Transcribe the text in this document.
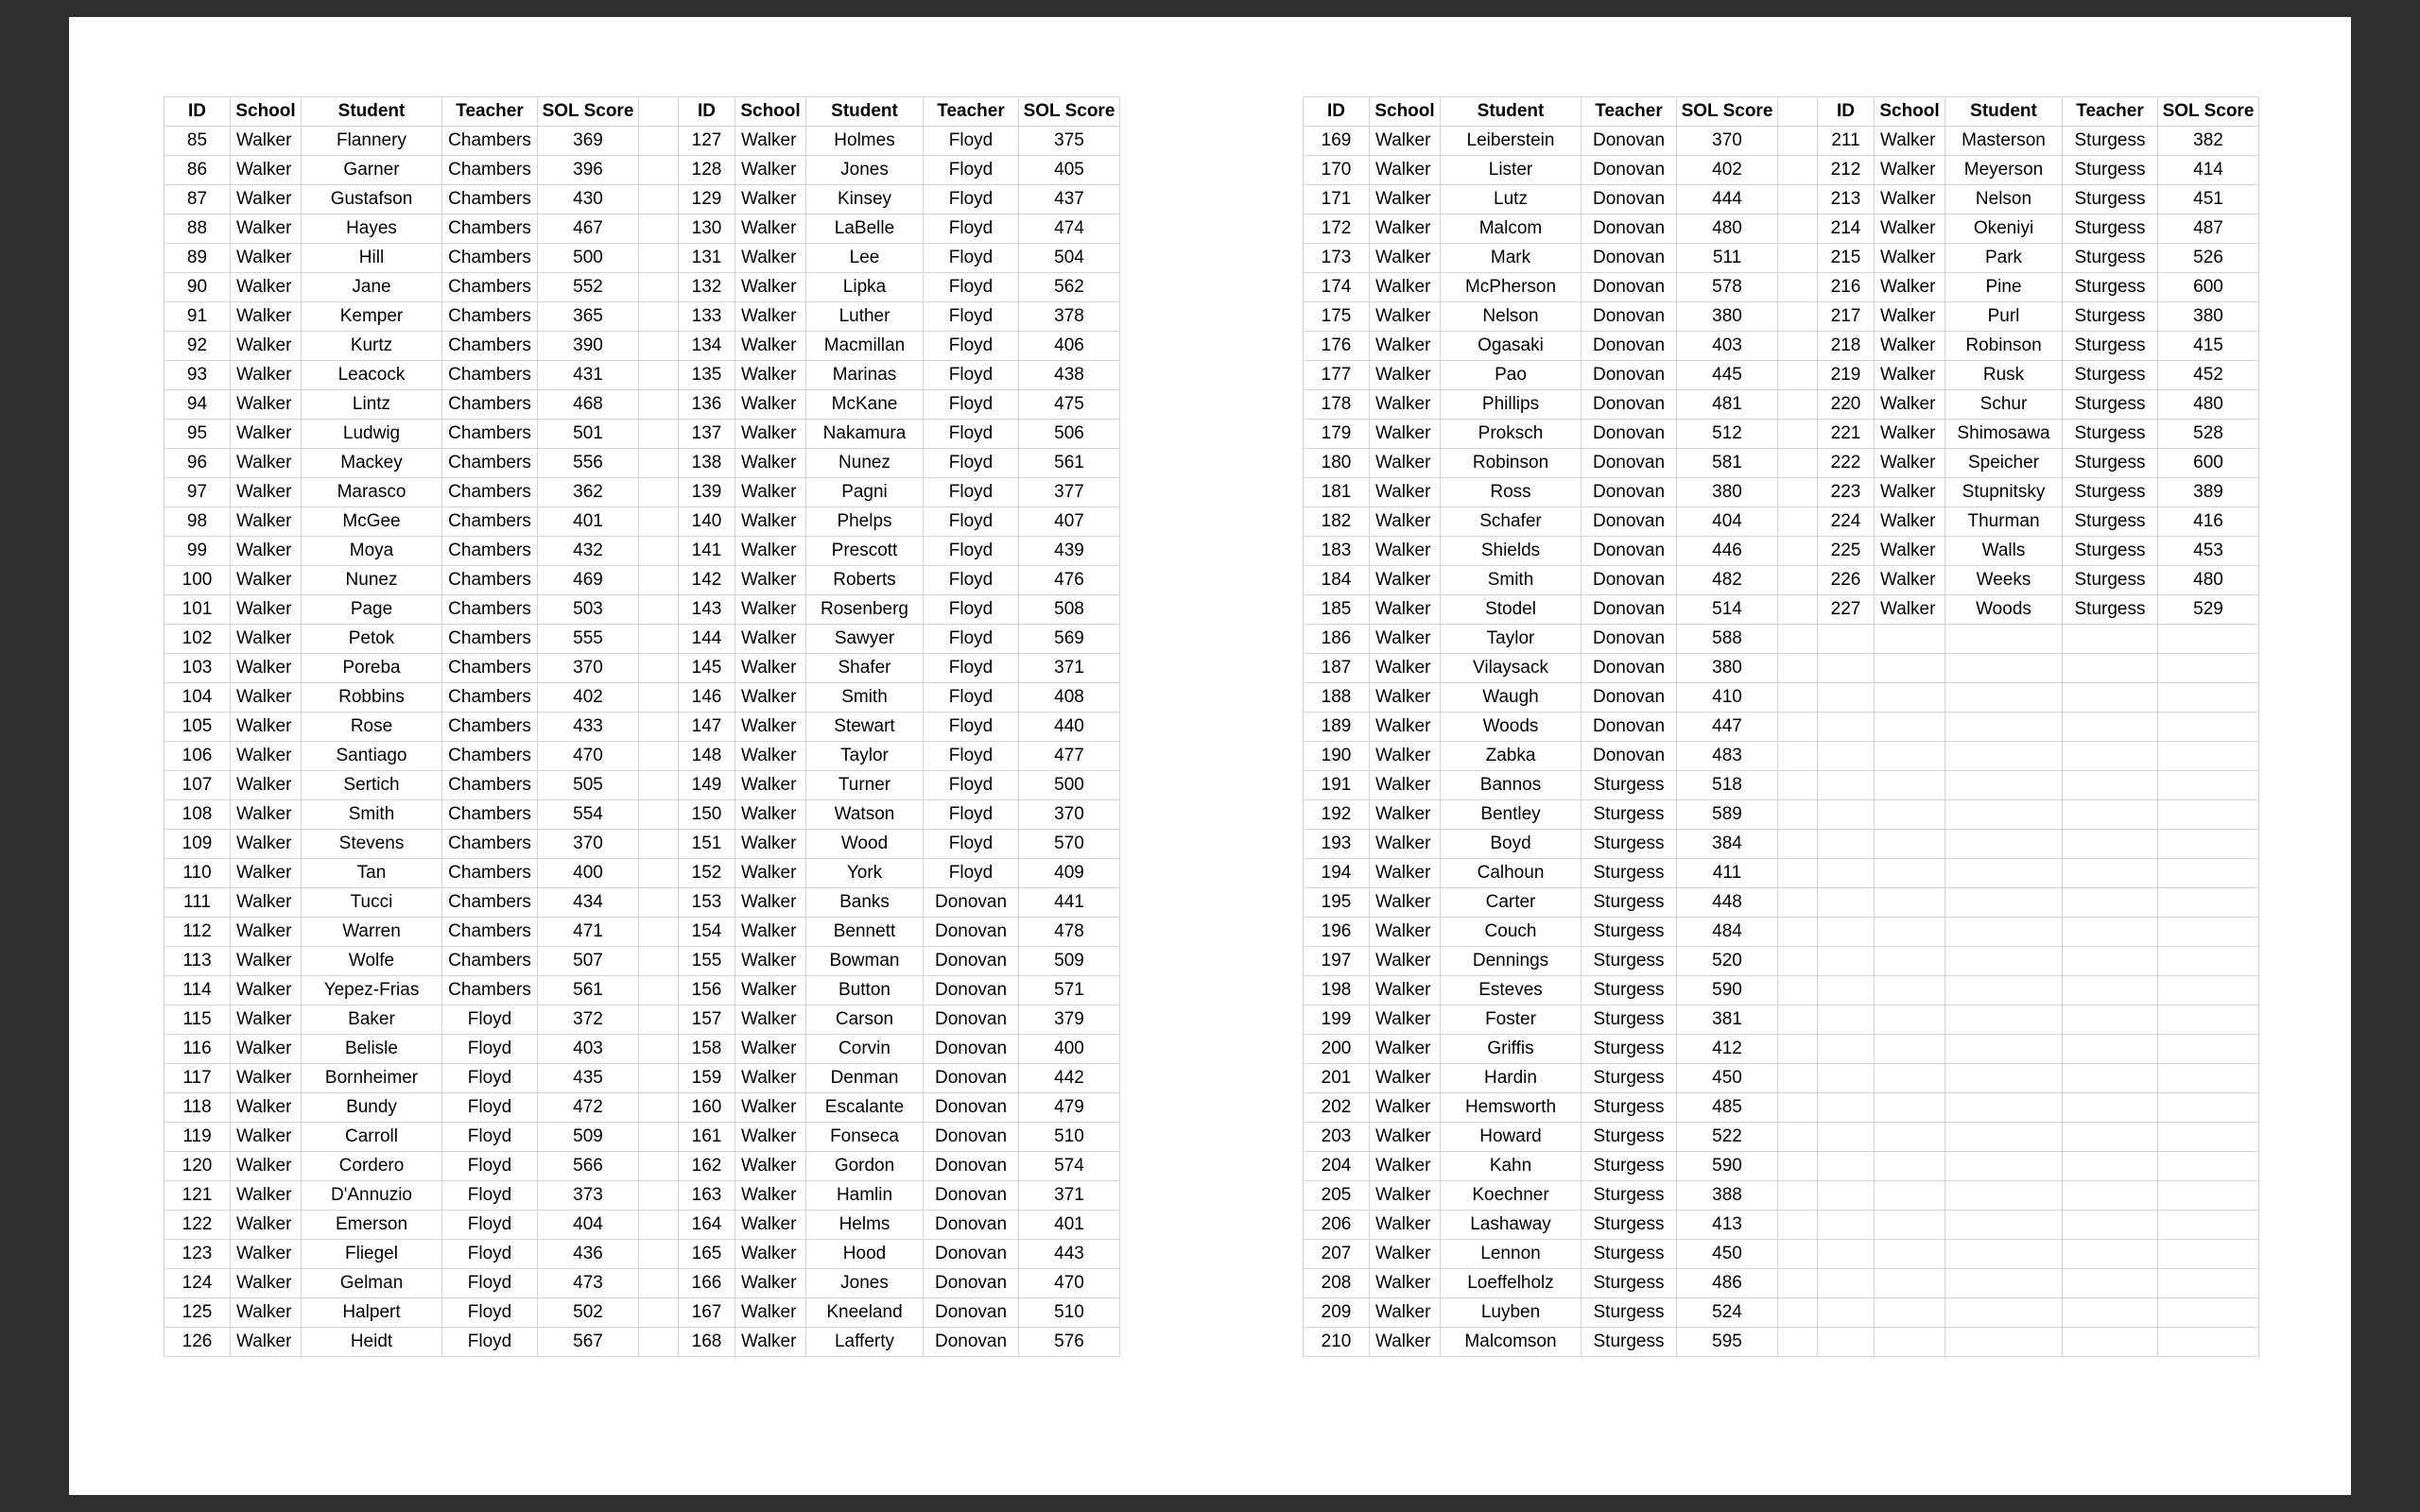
ID	School	Student	Teacher	SOL Score		ID	School	Student	Teacher	SOL Score
85	Walker	Flannery	Chambers	369		127	Walker	Holmes	Floyd	375
86	Walker	Garner	Chambers	396		128	Walker	Jones	Floyd	405
87	Walker	Gustafson	Chambers	430		129	Walker	Kinsey	Floyd	437
88	Walker	Hayes	Chambers	467		130	Walker	LaBelle	Floyd	474
89	Walker	Hill	Chambers	500		131	Walker	Lee	Floyd	504
90	Walker	Jane	Chambers	552		132	Walker	Lipka	Floyd	562
91	Walker	Kemper	Chambers	365		133	Walker	Luther	Floyd	378
92	Walker	Kurtz	Chambers	390		134	Walker	Macmillan	Floyd	406
93	Walker	Leacock	Chambers	431		135	Walker	Marinas	Floyd	438
94	Walker	Lintz	Chambers	468		136	Walker	McKane	Floyd	475
95	Walker	Ludwig	Chambers	501		137	Walker	Nakamura	Floyd	506
96	Walker	Mackey	Chambers	556		138	Walker	Nunez	Floyd	561
97	Walker	Marasco	Chambers	362		139	Walker	Pagni	Floyd	377
98	Walker	McGee	Chambers	401		140	Walker	Phelps	Floyd	407
99	Walker	Moya	Chambers	432		141	Walker	Prescott	Floyd	439
100	Walker	Nunez	Chambers	469		142	Walker	Roberts	Floyd	476
101	Walker	Page	Chambers	503		143	Walker	Rosenberg	Floyd	508
102	Walker	Petok	Chambers	555		144	Walker	Sawyer	Floyd	569
103	Walker	Poreba	Chambers	370		145	Walker	Shafer	Floyd	371
104	Walker	Robbins	Chambers	402		146	Walker	Smith	Floyd	408
105	Walker	Rose	Chambers	433		147	Walker	Stewart	Floyd	440
106	Walker	Santiago	Chambers	470		148	Walker	Taylor	Floyd	477
107	Walker	Sertich	Chambers	505		149	Walker	Turner	Floyd	500
108	Walker	Smith	Chambers	554		150	Walker	Watson	Floyd	370
109	Walker	Stevens	Chambers	370		151	Walker	Wood	Floyd	570
110	Walker	Tan	Chambers	400		152	Walker	York	Floyd	409
111	Walker	Tucci	Chambers	434		153	Walker	Banks	Donovan	441
112	Walker	Warren	Chambers	471		154	Walker	Bennett	Donovan	478
113	Walker	Wolfe	Chambers	507		155	Walker	Bowman	Donovan	509
114	Walker	Yepez-Frias	Chambers	561		156	Walker	Button	Donovan	571
115	Walker	Baker	Floyd	372		157	Walker	Carson	Donovan	379
116	Walker	Belisle	Floyd	403		158	Walker	Corvin	Donovan	400
117	Walker	Bornheimer	Floyd	435		159	Walker	Denman	Donovan	442
118	Walker	Bundy	Floyd	472		160	Walker	Escalante	Donovan	479
119	Walker	Carroll	Floyd	509		161	Walker	Fonseca	Donovan	510
120	Walker	Cordero	Floyd	566		162	Walker	Gordon	Donovan	574
121	Walker	D'Annuzio	Floyd	373		163	Walker	Hamlin	Donovan	371
122	Walker	Emerson	Floyd	404		164	Walker	Helms	Donovan	401
123	Walker	Fliegel	Floyd	436		165	Walker	Hood	Donovan	443
124	Walker	Gelman	Floyd	473		166	Walker	Jones	Donovan	470
125	Walker	Halpert	Floyd	502		167	Walker	Kneeland	Donovan	510
126	Walker	Heidt	Floyd	567		168	Walker	Lafferty	Donovan	576
ID	School	Student	Teacher	SOL Score		ID	School	Student	Teacher	SOL Score
169	Walker	Leiberstein	Donovan	370		211	Walker	Masterson	Sturgess	382
170	Walker	Lister	Donovan	402		212	Walker	Meyerson	Sturgess	414
171	Walker	Lutz	Donovan	444		213	Walker	Nelson	Sturgess	451
172	Walker	Malcom	Donovan	480		214	Walker	Okeniyi	Sturgess	487
173	Walker	Mark	Donovan	511		215	Walker	Park	Sturgess	526
174	Walker	McPherson	Donovan	578		216	Walker	Pine	Sturgess	600
175	Walker	Nelson	Donovan	380		217	Walker	Purl	Sturgess	380
176	Walker	Ogasaki	Donovan	403		218	Walker	Robinson	Sturgess	415
177	Walker	Pao	Donovan	445		219	Walker	Rusk	Sturgess	452
178	Walker	Phillips	Donovan	481		220	Walker	Schur	Sturgess	480
179	Walker	Proksch	Donovan	512		221	Walker	Shimosawa	Sturgess	528
180	Walker	Robinson	Donovan	581		222	Walker	Speicher	Sturgess	600
181	Walker	Ross	Donovan	380		223	Walker	Stupnitsky	Sturgess	389
182	Walker	Schafer	Donovan	404		224	Walker	Thurman	Sturgess	416
183	Walker	Shields	Donovan	446		225	Walker	Walls	Sturgess	453
184	Walker	Smith	Donovan	482		226	Walker	Weeks	Sturgess	480
185	Walker	Stodel	Donovan	514		227	Walker	Woods	Sturgess	529
186	Walker	Taylor	Donovan	588						
187	Walker	Vilaysack	Donovan	380						
188	Walker	Waugh	Donovan	410						
189	Walker	Woods	Donovan	447						
190	Walker	Zabka	Donovan	483						
191	Walker	Bannos	Sturgess	518						
192	Walker	Bentley	Sturgess	589						
193	Walker	Boyd	Sturgess	384						
194	Walker	Calhoun	Sturgess	411						
195	Walker	Carter	Sturgess	448						
196	Walker	Couch	Sturgess	484						
197	Walker	Dennings	Sturgess	520						
198	Walker	Esteves	Sturgess	590						
199	Walker	Foster	Sturgess	381						
200	Walker	Griffis	Sturgess	412						
201	Walker	Hardin	Sturgess	450						
202	Walker	Hemsworth	Sturgess	485						
203	Walker	Howard	Sturgess	522						
204	Walker	Kahn	Sturgess	590						
205	Walker	Koechner	Sturgess	388						
206	Walker	Lashaway	Sturgess	413						
207	Walker	Lennon	Sturgess	450						
208	Walker	Loeffelholz	Sturgess	486						
209	Walker	Luyben	Sturgess	524						
210	Walker	Malcomson	Sturgess	595						
